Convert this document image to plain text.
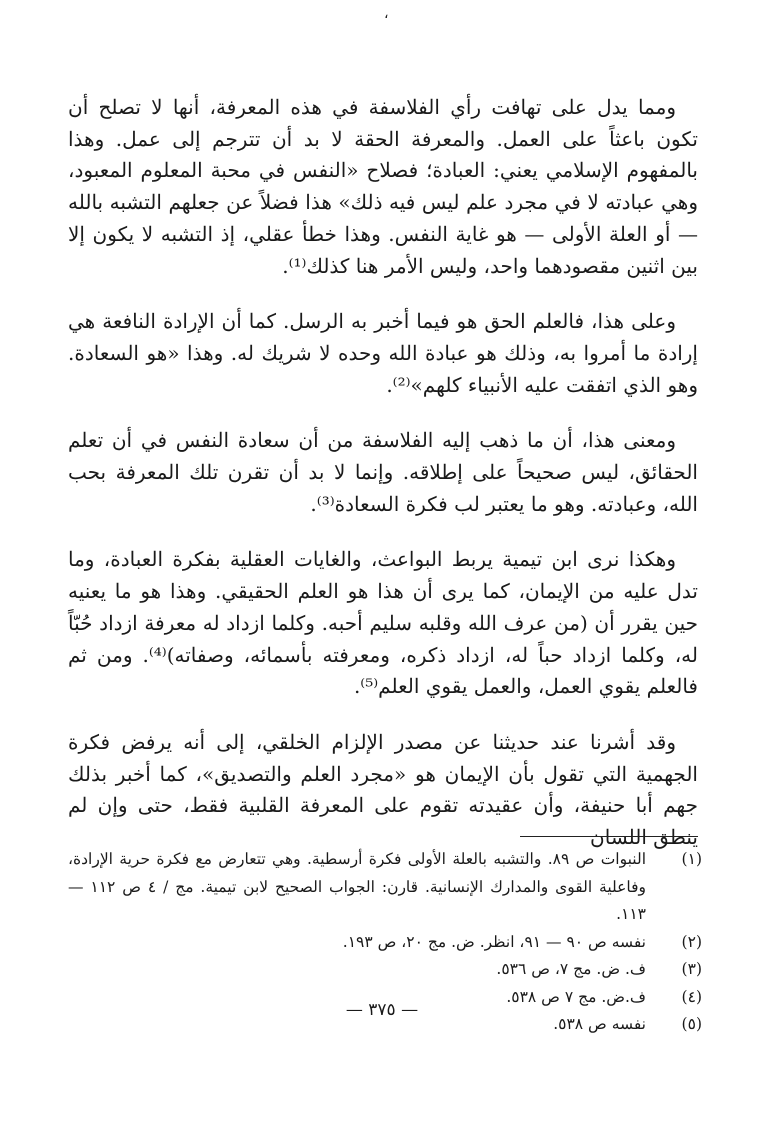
،

ومما يدل على تهافت رأي الفلاسفة في هذه المعرفة، أنها لا تصلح أن تكون باعثاً على العمل. والمعرفة الحقة لا بد أن تترجم إلى عمل. وهذا بالمفهوم الإسلامي يعني: العبادة؛ فصلاح «النفس في محبة المعلوم المعبود، وهي عبادته لا في مجرد علم ليس فيه ذلك» هذا فضلاً عن جعلهم التشبه بالله — أو العلة الأولى — هو غاية النفس. وهذا خطأ عقلي، إذ التشبه لا يكون إلا بين اثنين مقصودهما واحد، وليس الأمر هنا كذلك⁽¹⁾.

وعلى هذا، فالعلم الحق هو فيما أخبر به الرسل. كما أن الإرادة النافعة هي إرادة ما أمروا به، وذلك هو عبادة الله وحده لا شريك له. وهذا «هو السعادة. وهو الذي اتفقت عليه الأنبياء كلهم»⁽²⁾.

ومعنى هذا، أن ما ذهب إليه الفلاسفة من أن سعادة النفس في أن تعلم الحقائق، ليس صحيحاً على إطلاقه. وإنما لا بد أن تقرن تلك المعرفة بحب الله، وعبادته. وهو ما يعتبر لب فكرة السعادة⁽³⁾.

وهكذا نرى ابن تيمية يربط البواعث، والغايات العقلية بفكرة العبادة، وما تدل عليه من الإيمان، كما يرى أن هذا هو العلم الحقيقي. وهذا هو ما يعنيه حين يقرر أن (من عرف الله وقلبه سليم أحبه. وكلما ازداد له معرفة ازداد حُبّاً له، وكلما ازداد حباً له، ازداد ذكره، ومعرفته بأسمائه، وصفاته)⁽⁴⁾. ومن ثم فالعلم يقوي العمل، والعمل يقوي العلم⁽⁵⁾.

وقد أشرنا عند حديثنا عن مصدر الإلزام الخلقي، إلى أنه يرفض فكرة الجهمية التي تقول بأن الإيمان هو «مجرد العلم والتصديق»، كما أخبر بذلك جهم أبا حنيفة، وأن عقيدته تقوم على المعرفة القلبية فقط، حتى وإن لم ينطق اللسان

(١)
النبوات ص ٨٩. والتشبه بالعلة الأولى فكرة أرسطية. وهي تتعارض مع فكرة حرية الإرادة، وفاعلية القوى والمدارك الإنسانية. قارن: الجواب الصحيح لابن تيمية. مج / ٤ ص ١١٢ — ١١٣.
(٢)
نفسه ص ٩٠ — ٩١، انظر. ض. مج ٢٠، ص ١٩٣.
(٣)
ف. ض. مج ٧، ص ٥٣٦.
(٤)
ف.ض. مج ٧ ص ٥٣٨.
(٥)
نفسه ص ٥٣٨.
— ٣٧٥ —
